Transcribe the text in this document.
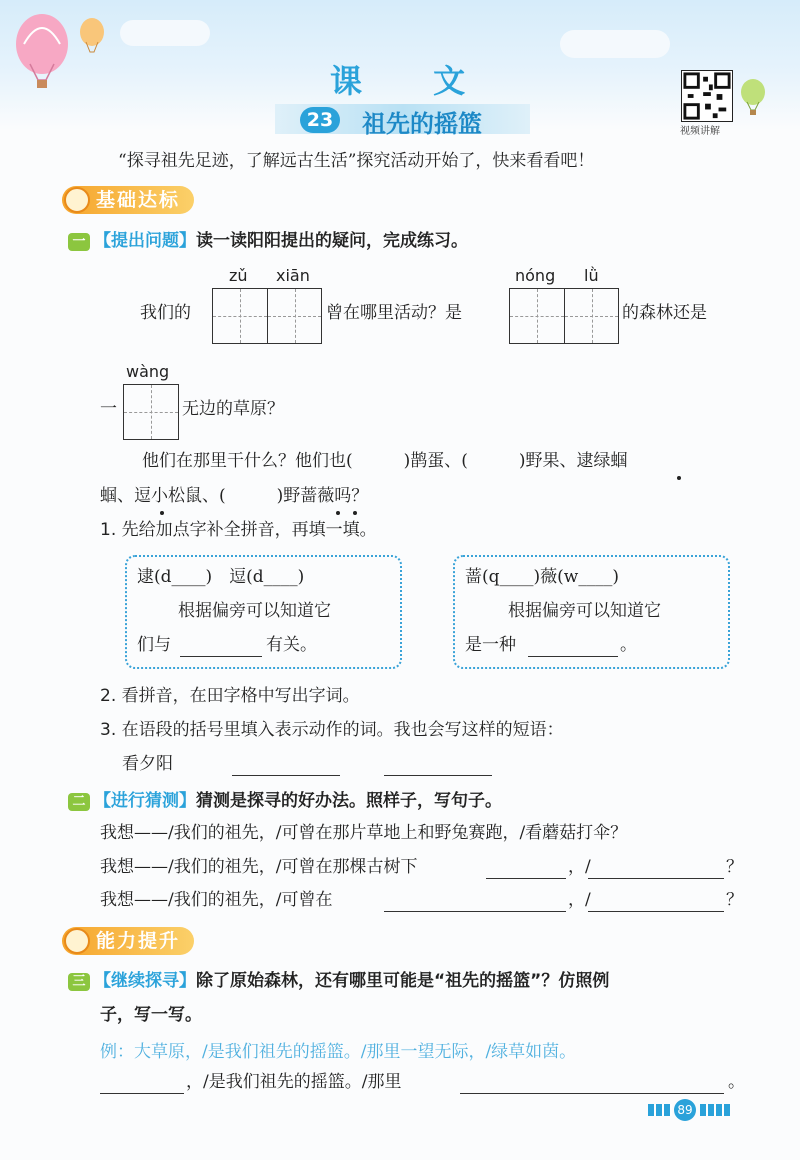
课 文
23 祖先的摇篮	视频讲解
“探寻祖先足迹，了解远古生活”探究活动开始了，快来看看吧！
基础达标
一 【提出问题】读一读阳阳提出的疑问，完成练习。
zǔ xiān	nóng lǜ
我们的	曾在哪里活动？是	的森林还是
wàng
一	无边的草原？
他们在那里干什么？他们也(　　　)鹊蛋、(　　　)野果、逮绿蝈
蝈、逗小松鼠、(　　　)野蔷薇吗？
1. 先给加点字补全拼音，再填一填。
逮(d____)　逗(d____)
根据偏旁可以知道它
们与	有关。
蔷(q____)薇(w____)
根据偏旁可以知道它
是一种	。
2. 看拼音，在田字格中写出字词。
3. 在语段的括号里填入表示动作的词。我也会写这样的短语：
看夕阳
二 【进行猜测】猜测是探寻的好办法。照样子，写句子。
我想——/我们的祖先，/可曾在那片草地上和野兔赛跑，/看蘑菇打伞？
我想——/我们的祖先，/可曾在那棵古树下	，/	？
我想——/我们的祖先，/可曾在	，/	？
能力提升
三 【继续探寻】除了原始森林，还有哪里可能是“祖先的摇篮”？仿照例
子，写一写。
例：大草原，/是我们祖先的摇篮。/那里一望无际，/绿草如茵。
，/是我们祖先的摇篮。/那里	。
89
